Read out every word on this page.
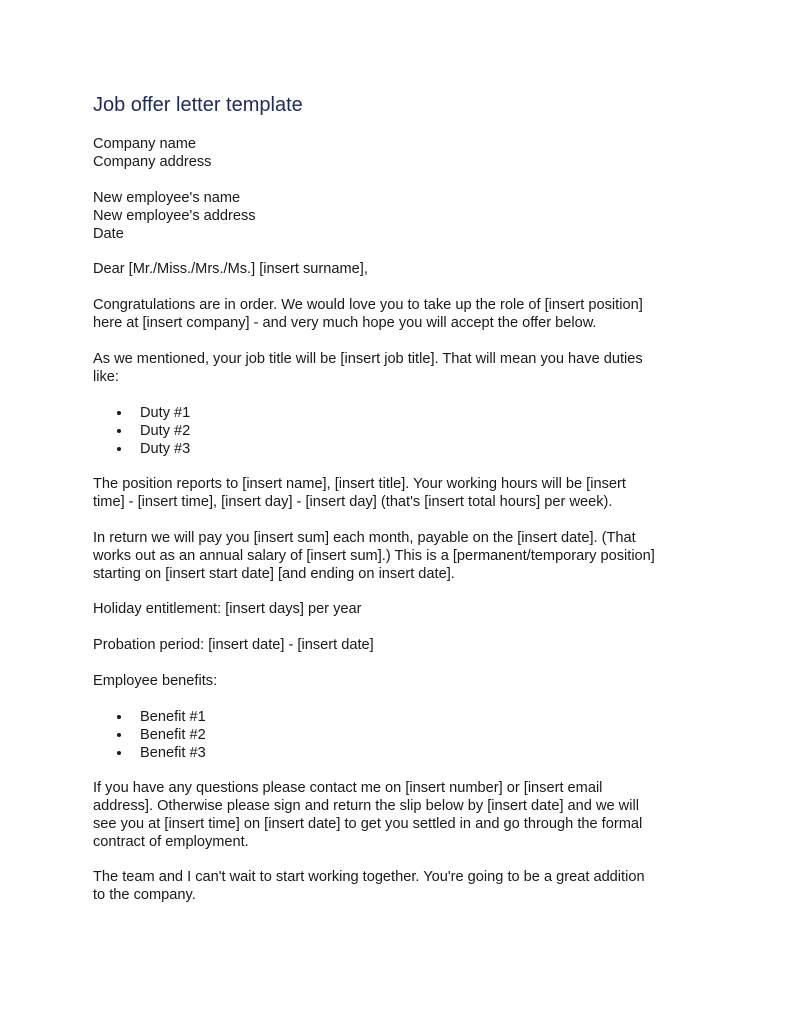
Job offer letter template
Company name
Company address
New employee's name
New employee's address
Date
Dear [Mr./Miss./Mrs./Ms.] [insert surname],
Congratulations are in order. We would love you to take up the role of [insert position]
here at [insert company] - and very much hope you will accept the offer below.
As we mentioned, your job title will be [insert job title]. That will mean you have duties
like:
Duty #1
Duty #2
Duty #3
The position reports to [insert name], [insert title]. Your working hours will be [insert
time] - [insert time], [insert day] - [insert day] (that's [insert total hours] per week).
In return we will pay you [insert sum] each month, payable on the [insert date]. (That
works out as an annual salary of [insert sum].) This is a [permanent/temporary position]
starting on [insert start date] [and ending on insert date].
Holiday entitlement: [insert days] per year
Probation period: [insert date] - [insert date]
Employee benefits:
Benefit #1
Benefit #2
Benefit #3
If you have any questions please contact me on [insert number] or [insert email
address]. Otherwise please sign and return the slip below by [insert date] and we will
see you at [insert time] on [insert date] to get you settled in and go through the formal
contract of employment.
The team and I can't wait to start working together. You're going to be a great addition
to the company.
